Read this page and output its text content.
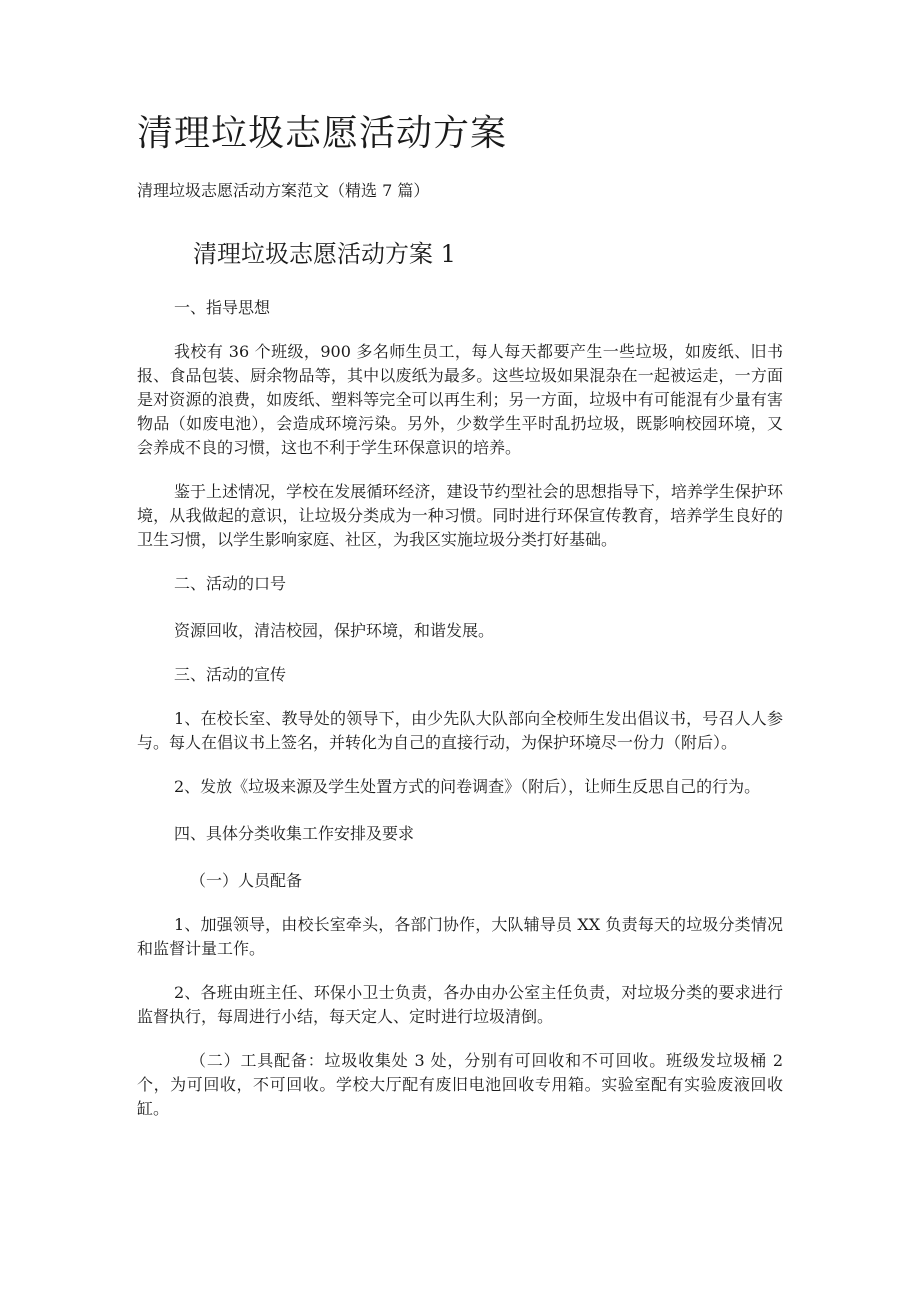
清理垃圾志愿活动方案

清理垃圾志愿活动方案范文（精选 7 篇）

清理垃圾志愿活动方案 1

一、指导思想

我校有 36 个班级，900 多名师生员工，每人每天都要产生一些垃圾，如废纸、旧书报、食品包装、厨余物品等，其中以废纸为最多。这些垃圾如果混杂在一起被运走，一方面是对资源的浪费，如废纸、塑料等完全可以再生利；另一方面，垃圾中有可能混有少量有害物品（如废电池），会造成环境污染。另外，少数学生平时乱扔垃圾，既影响校园环境，又会养成不良的习惯，这也不利于学生环保意识的培养。

鉴于上述情况，学校在发展循环经济，建设节约型社会的思想指导下，培养学生保护环境，从我做起的意识，让垃圾分类成为一种习惯。同时进行环保宣传教育，培养学生良好的卫生习惯，以学生影响家庭、社区，为我区实施垃圾分类打好基础。

二、活动的口号

资源回收，清洁校园，保护环境，和谐发展。

三、活动的宣传

1、在校长室、教导处的领导下，由少先队大队部向全校师生发出倡议书，号召人人参与。每人在倡议书上签名，并转化为自己的直接行动，为保护环境尽一份力（附后）。

2、发放《垃圾来源及学生处置方式的问卷调查》（附后），让师生反思自己的行为。

四、具体分类收集工作安排及要求

（一）人员配备

1、加强领导，由校长室牵头，各部门协作，大队辅导员 XX 负责每天的垃圾分类情况和监督计量工作。

2、各班由班主任、环保小卫士负责，各办由办公室主任负责，对垃圾分类的要求进行监督执行，每周进行小结，每天定人、定时进行垃圾清倒。

（二）工具配备：垃圾收集处 3 处，分别有可回收和不可回收。班级发垃圾桶 2 个，为可回收，不可回收。学校大厅配有废旧电池回收专用箱。实验室配有实验废液回收缸。
